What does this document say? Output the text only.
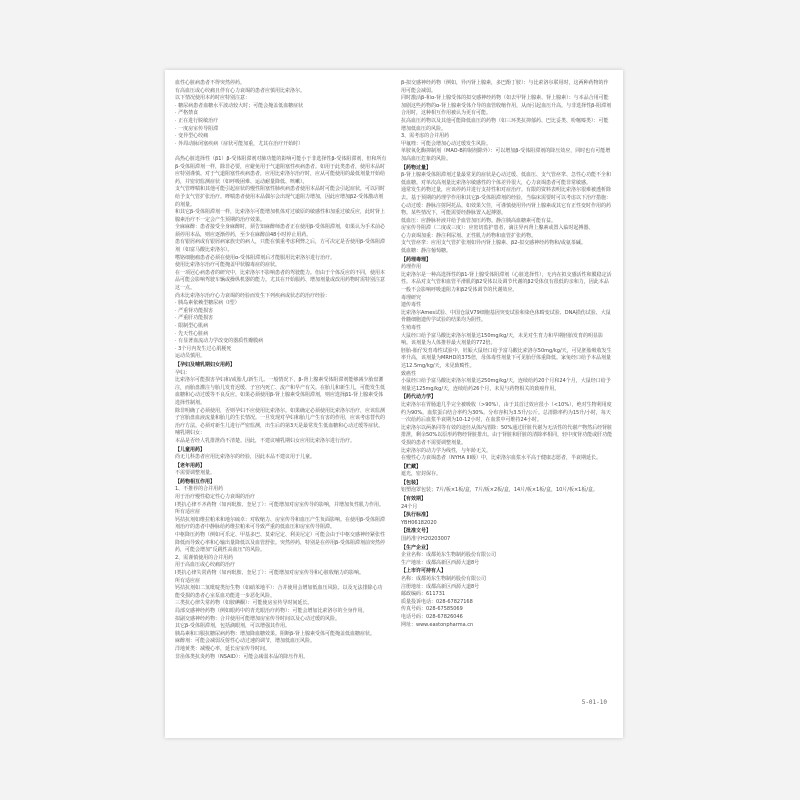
血性心脏病患者不得突然停药。

有高血压或心绞痛且伴有心力衰竭的患者应慎用比索洛尔。

以下情况使用本药时应特别注意：

· 糖尿病患者血糖水平波动较大时；可能会掩盖低血糖症状

· 严格禁食

· 正在进行脱敏治疗

· 一度房室传导阻滞

· 变异型心绞痛

· 外周动脉闭塞疾病（症状可能加重，尤其在治疗开始时）

高热心脏选择性（β1）β-受体阻滞剂对肺功能的影响可能小于非选择性β-受体阻滞剂，但和所有β-受体阻滞剂一样，除非必要，应避免用于气道阻塞性疾病患者。如用于此类患者，使用本品时应特别谨慎。对于气道阻塞性疾病患者，应用比索洛尔治疗时，应从可能使用的最低剂量开始给药，并密切监测症状（如呼吸困难、运动耐量降低、咳嗽）。

支气管哮喘和其他可能引起症状的慢性阻塞性肺疾病患者使用本品时可能会引起症状，可以同时给予支气管扩张治疗。哮喘患者使用本品偶尔会出现气道阻力增加，因此应增加β2-受体激动剂的剂量。

和其它β-受体阻滞剂一样，比索洛尔可能增加机体对过敏原的敏感性和加重过敏反应，此时肾上腺素治疗不一定会产生预期的治疗效果。

全麻麻醉：患者接受全身麻醉时，须告知麻醉师患者正在使用β-受体阻滞剂，如果认为手术前必须停用本品，则应逐渐停药，至少在麻醉前48小时停止用药。

患有银屑病或有银屑病家族史的病人，只能在慎重考虑利弊之后，方可决定是否使用β-受体阻滞剂（如富马酸比索洛尔）。

嗜铬细胞瘤患者必须在使用α-受体阻滞剂后才能服用比索洛尔进行治疗。

使用比索洛尔治疗可能掩盖甲状腺毒症的症状。

在一项冠心病患者的研究中，比索洛尔不影响患者的驾驶能力。但由于个体反应的不同，使用本品可能会影响驾驶车辆或操纵机器的能力。尤其在开始服药、增加剂量或改用药物时需特别注意这一点。

尚未比索洛尔治疗心力衰竭的经验而发生下列疾病或状态的治疗经验：

· 胰岛素依赖型糖尿病（I型）

· 严重肾功能损害

· 严重肝功能损害

· 限制型心肌病

· 先天性心脏病

· 有显著血流动力学改变的器质性瓣膜病

· 3个月内发生过心肌梗死

运动员慎用。

【孕妇及哺乳期妇女用药】

孕妇：

比索洛尔可能损害孕妇和/或胎儿/新生儿。一般情况下，β-肾上腺素受体阻滞剂能够减少胎盘灌注，而胎盘灌注与胎儿发育迟缓、子宫内死亡、流产和早产有关。在胎儿和新生儿，可能发生低血糖和心动过缓等不良反应。如果必须使用β-肾上腺素受体阻滞剂，则应选择β1-肾上腺素受体选择性制剂。

除非明确了必须使用，否则孕妇不应使用比索洛尔。如果确定必须使用比索洛尔治疗，应该监测子宫胎盘血液流量和胎儿的生长情况。一旦发现对孕妇和胎儿产生有害的作用，应该考虑替代的治疗方法。必须对新生儿进行严密监测，出生后的第3天是最常发生低血糖和心动过缓等症状。

哺乳期妇女：

本品是否经人乳排泄尚不清楚。因此，不建议哺乳期妇女应用比索洛尔进行治疗。

【儿童用药】

尚无儿科患者应用比索洛尔的经验，因此本品不建议用于儿童。

【老年用药】

不需要调整剂量。

【药物相互作用】

1、不推荐的合并用药

用于治疗慢性稳定性心力衰竭的治疗

Ⅰ类抗心律不齐药物（如丙吡胺、奎尼丁）：可能增加对房室传导的影响，并增加负性肌力作用。

所有适应症

钙拮抗剂如维拉帕米和地尔硫卓：对收缩力、房室传导和血压产生负面影响。在使用β-受体阻滞剂治疗的患者中静脉给药维拉帕米可导致严重的低血压和房室传导阻滞。

中枢降压药物（例如可乐定、甲基多巴、莫索尼定、利美尼定）可能会由于中枢交感神经紧张性降低而导致心率和心输出量降低以及血管舒张。突然停药，特别是在停用β-受体阻滞剂前突然停药，可能会增加“反跳性高血压”的风险。

2、需谨慎使用的合并用药

用于高血压或心绞痛的治疗

Ⅰ类抗心律失常药物（如丙吡胺、奎尼丁）：可能增加对房室传导和心脏收缩力的影响。

所有适应症

钙拮抗剂如二氢吡啶类衍生物（如硝苯地平）：合并使用会增加低血压风险。以及无法排除心功能受损的患者心室泵血功能进一步恶化风险。

三类抗心律失常药物（如胺碘酮）：可能使房室传导时间延长。

局部交感神经药物（例如眼药中的青光眼治疗药物）：可能会增加比索洛尔的全身作用。

拟副交感神经药物：合并使用可能增加房室传导时间以及心动过缓的风险。

其它β-受体阻滞剂，包括滴眼剂，可以增强其作用。

胰岛素和口服抗糖尿病药物：增加降血糖效果。阻断β-肾上腺素受体可能掩盖低血糖症状。

麻醉剂：可能会减弱反射性心动过速的调节，增加低血压风险。

洋地黄类：减慢心率，延长房室传导时间。

非甾体类抗炎药物（NSAID）：可能会减弱本品的降压作用。

β-拟交感神经药物（例如，异丙肾上腺素，多巴酚丁胺）：与比索洛尔联用时，这两种药物的作用可能会减弱。

同时激活β-和α-肾上腺受体的拟交感神经药物（如去甲肾上腺素、肾上腺素）：与本品合用可能加剧这些药物的α-肾上腺素受体介导的血管收缩作用，从而引起血压升高。与非选择性β-阻滞剂合用时，这种相互作用被认为更有可能。

抗高血压药物以及其他可能降低血压的药物（如三环类抗抑郁药、巴比妥类、吩噻嗪类）：可能增加低血压的风险。

3、需考虑的合并用药

甲氟喹：可能会增加心动过缓发生风险。

单胺氧化酶抑制剂（MAO-B抑制剂除外）：可以增加β-受体阻滞剂的降压效应，同时也有可能增加高血压危象的风险。

【药物过量】

β-肾上腺素受体阻滞剂过量最常见的症状是心动过缓、低血压、支气管痉挛、急性心功能不全和低血糖。对单次高剂量比索洛尔敏感性的个体差异很大，心力衰竭患者可能非常敏感。

通常发生药物过量，应该停药并进行支持性和对症治疗。有限的资料表明比索洛尔很难被透析除去。基于预期的药理学作用和其它β-受体阻滞剂的经验，当临床需要时可以考虑以下治疗措施：

心动过缓：静脉注射阿托品。如效果欠佳，可谨慎使用异丙肾上腺素或其它有正性变时作用的药物。某些情况下，可能需要经静脉置入起搏器。

低血压：应静脉补液并给予血管加压药物。静注胰高血糖素可能有益。

房室传导阻滞（二度或三度）：应密切监护患者，滴注异丙肾上腺素或置入临时起搏器。

心力衰竭加重：静注利尿剂、正性肌力药物和血管扩张药物。

支气管痉挛：应用支气管扩张剂如异丙肾上腺素、β2-拟交感神经药物和/或氨茶碱。

低血糖：静注葡萄糖。

【药理毒理】

药理作用

比索洛尔是一种高选择性的β1-肾上腺受体阻滞剂（心脏选择性），无内在拟交感活性和膜稳定活性。本品对支气管和血管平滑肌的β2受体以及调节代谢的β2受体仅有很低的亲和力，因此本品一般不会影响呼吸道阻力和β2受体调节的代谢效应。

毒理研究

遗传毒性

比索洛尔Ames试验、中国仓鼠V79细胞基因突变试验和染色体畸变试验、DNA损伤试验、大鼠骨髓细胞遗传学试验的结果均为阴性。

生殖毒性

大鼠经口给予富马酸比索洛尔剂量达150mg/kg/天，未见对生育力和早期胚胎发育的明显影响。该剂量为人体推荐最大剂量的772倍。

胚胎-胎仔发育毒性试验中，妊娠大鼠经口给予富马酸比索洛尔50mg/kg/天，可见胚胎吸收发生率升高，该剂量为MRHD的375倍，母体毒性剂量下可见胎仔体重降低。家兔经口给予本品剂量达12.5mg/kg/天，未见致畸性。

致癌性

小鼠经口给予富马酸比索洛尔剂量达250mg/kg/天，连续给药20个月和24个月，大鼠经口给予剂量达125mg/kg/天，连续给药26个月，未见与药物相关的致癌作用。

【药代动力学】

比索洛尔在胃肠道几乎完全被吸收（>90%），由于其首过效应很小（<10%），绝对生物利用度约为90%。血浆蛋白结合率约为30%。分布容积为3.5升/公斤。总清除率约为15升/小时，每天一次给药后血浆半衰期为10-12小时，在血浆中可维持24小时。

比索洛尔以两条同等有效的途径从体内清除：50%通过肝脏代谢为无活性的代谢产物然后经肾脏排泄，剩余50%以原形药物经肾脏排出。由于肾脏和肝脏的清除率相同，轻中度肾功能或肝功能受损的患者不需要调整剂量。

比索洛尔的动力学为线性，与年龄无关。

在慢性心力衰竭患者（NYHA III级）中，比索洛尔血浆水平高于健康志愿者，半衰期延长。

【贮藏】

遮光，密封保存。

【包装】

铝塑泡罩包装；7片/板×1板/盒，7片/板×2板/盒，14片/板×1板/盒，10片/板×1板/盒。

【有效期】

24个月

【执行标准】

YBH06182020

【批准文号】

国药准字H20203007

【生产企业】

企业名称：成都苑东生物制药股份有限公司

生产地址：成都高新区西源大道8号

【上市许可持有人】

名称：成都苑东生物制药股份有限公司

注册地址：成都高新区西源大道8号

邮政编码：611731

质量投诉电话：028-67827168

传真号码：028-67585069

电话号码：028-67826046

网址：www.eastonpharma.cn

5-01-10
